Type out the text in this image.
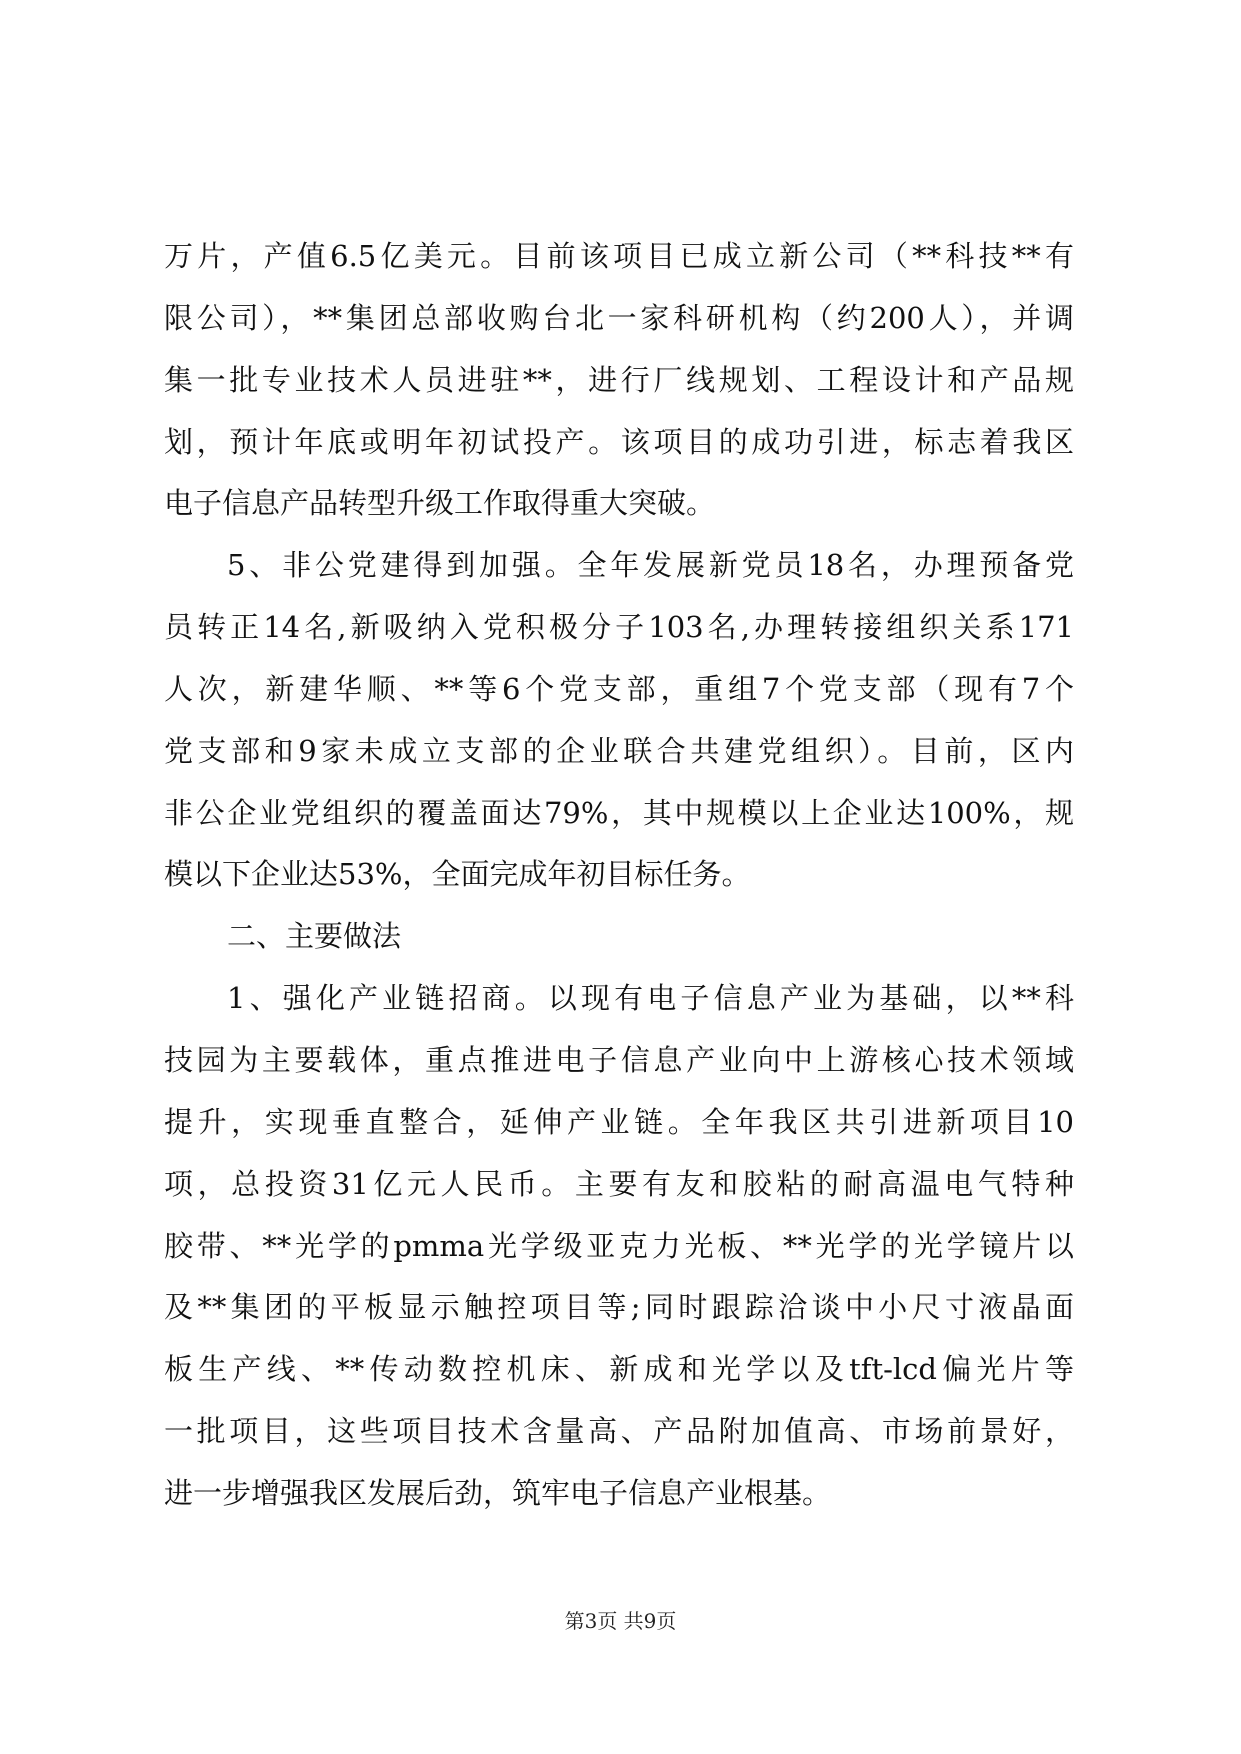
万片，产值6.5亿美元。目前该项目已成立新公司（**科技**有
限公司），**集团总部收购台北一家科研机构（约200人），并调
集一批专业技术人员进驻**，进行厂线规划、工程设计和产品规
划，预计年底或明年初试投产。该项目的成功引进，标志着我区
电子信息产品转型升级工作取得重大突破。
5、非公党建得到加强。全年发展新党员18名，办理预备党
员转正14名,新吸纳入党积极分子103名,办理转接组织关系171
人次，新建华顺、**等6个党支部，重组7个党支部（现有7个
党支部和9家未成立支部的企业联合共建党组织）。目前，区内
非公企业党组织的覆盖面达79%，其中规模以上企业达100%，规
模以下企业达53%，全面完成年初目标任务。
二、主要做法
1、强化产业链招商。以现有电子信息产业为基础，以**科
技园为主要载体，重点推进电子信息产业向中上游核心技术领域
提升，实现垂直整合，延伸产业链。全年我区共引进新项目10
项，总投资31亿元人民币。主要有友和胶粘的耐高温电气特种
胶带、**光学的pmma光学级亚克力光板、**光学的光学镜片以
及**集团的平板显示触控项目等;同时跟踪洽谈中小尺寸液晶面
板生产线、**传动数控机床、新成和光学以及tft-lcd偏光片等
一批项目，这些项目技术含量高、产品附加值高、市场前景好，
进一步增强我区发展后劲，筑牢电子信息产业根基。
第3页 共9页
